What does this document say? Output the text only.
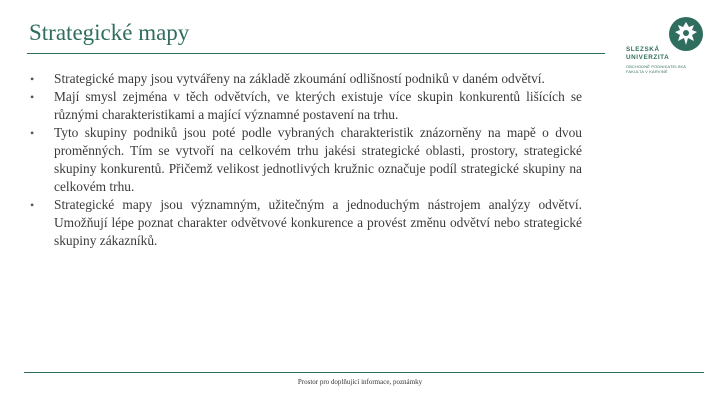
Strategické mapy
• Strategické mapy jsou vytvářeny na základě zkoumání odlišností podniků v daném odvětví.
• Mají smysl zejména v těch odvětvích, ve kterých existuje více skupin konkurentů lišících se různými charakteristikami a mající významné postavení na trhu.
• Tyto skupiny podniků jsou poté podle vybraných charakteristik znázorněny na mapě o dvou proměnných. Tím se vytvoří na celkovém trhu jakési strategické oblasti, prostory, strategické skupiny konkurentů. Přičemž velikost jednotlivých kružnic označuje podíl strategické skupiny na celkovém trhu.
• Strategické mapy jsou významným, užitečným a jednoduchým nástrojem analýzy odvětví. Umožňují lépe poznat charakter odvětvové konkurence a provést změnu odvětví nebo strategické skupiny zákazníků.
SLEZSKÁ
UNIVERZITA
OBCHODNĚ PODNIKATELSKÁ
FAKULTA V KARVINÉ
Prostor pro doplňující informace, poznámky
